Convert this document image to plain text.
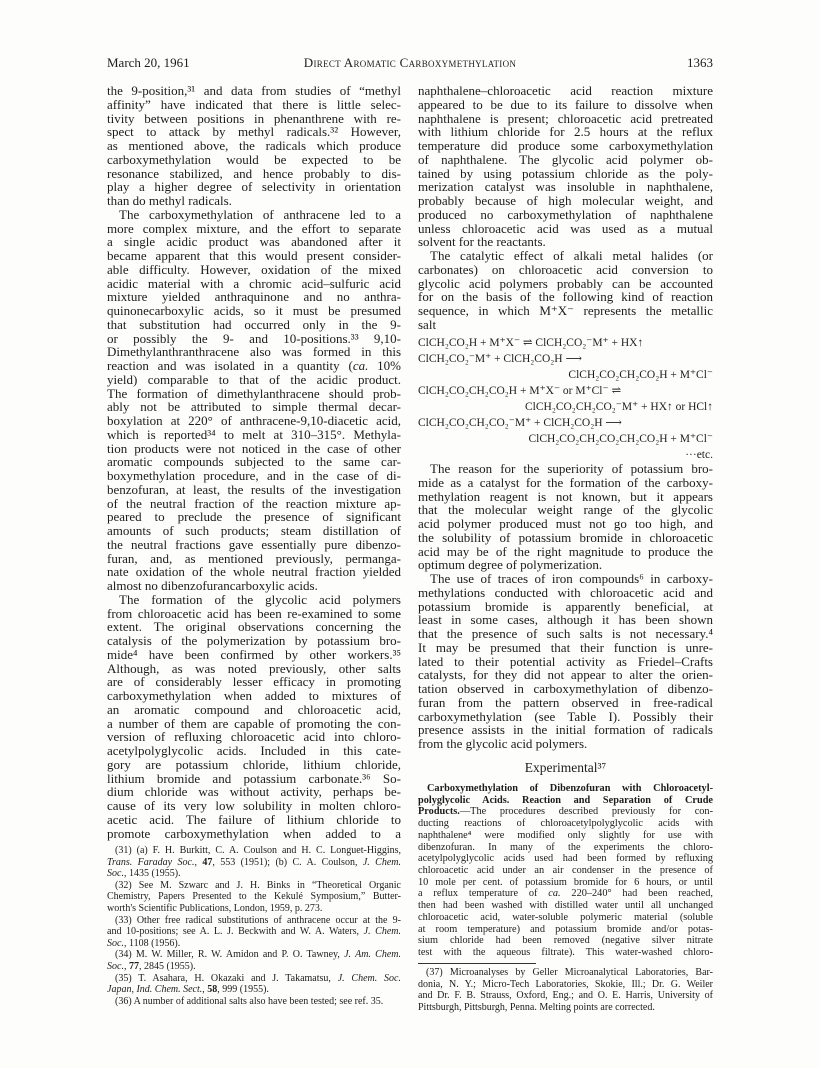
March 20, 1961	Direct Aromatic Carboxymethylation	1363
the 9-position,³¹ and data from studies of “methyl
affinity” have indicated that there is little selec-
tivity between positions in phenanthrene with re-
spect to attack by methyl radicals.³² However,
as mentioned above, the radicals which produce
carboxymethylation would be expected to be
resonance stabilized, and hence probably to dis-
play a higher degree of selectivity in orientation
than do methyl radicals.
The carboxymethylation of anthracene led to a
more complex mixture, and the effort to separate
a single acidic product was abandoned after it
became apparent that this would present consider-
able difficulty. However, oxidation of the mixed
acidic material with a chromic acid–sulfuric acid
mixture yielded anthraquinone and no anthra-
quinonecarboxylic acids, so it must be presumed
that substitution had occurred only in the 9-
or possibly the 9- and 10-positions.³³ 9,10-
Dimethylanthranthracene also was formed in this
reaction and was isolated in a quantity (ca. 10%
yield) comparable to that of the acidic product.
The formation of dimethylanthracene should prob-
ably not be attributed to simple thermal decar-
boxylation at 220° of anthracene-9,10-diacetic acid,
which is reported³⁴ to melt at 310–315°. Methyla-
tion products were not noticed in the case of other
aromatic compounds subjected to the same car-
boxymethylation procedure, and in the case of di-
benzofuran, at least, the results of the investigation
of the neutral fraction of the reaction mixture ap-
peared to preclude the presence of significant
amounts of such products; steam distillation of
the neutral fractions gave essentially pure dibenzo-
furan, and, as mentioned previously, permanga-
nate oxidation of the whole neutral fraction yielded
almost no dibenzofurancarboxylic acids.
The formation of the glycolic acid polymers
from chloroacetic acid has been re-examined to some
extent. The original observations concerning the
catalysis of the polymerization by potassium bro-
mide⁴ have been confirmed by other workers.³⁵
Although, as was noted previously, other salts
are of considerably lesser efficacy in promoting
carboxymethylation when added to mixtures of
an aromatic compound and chloroacetic acid,
a number of them are capable of promoting the con-
version of refluxing chloroacetic acid into chloro-
acetylpolyglycolic acids. Included in this cate-
gory are potassium chloride, lithium chloride,
lithium bromide and potassium carbonate.³⁶ So-
dium chloride was without activity, perhaps be-
cause of its very low solubility in molten chloro-
acetic acid. The failure of lithium chloride to
promote carboxymethylation when added to a
(31) (a) F. H. Burkitt, C. A. Coulson and H. C. Longuet-Higgins,
Trans. Faraday Soc., 47, 553 (1951); (b) C. A. Coulson, J. Chem.
Soc., 1435 (1955).
(32) See M. Szwarc and J. H. Binks in “Theoretical Organic
Chemistry, Papers Presented to the Kekulé Symposium,” Butter-
worth's Scientific Publications, London, 1959, p. 273.
(33) Other free radical substitutions of anthracene occur at the 9-
and 10-positions; see A. L. J. Beckwith and W. A. Waters, J. Chem.
Soc., 1108 (1956).
(34) M. W. Miller, R. W. Amidon and P. O. Tawney, J. Am. Chem.
Soc., 77, 2845 (1955).
(35) T. Asahara, H. Okazaki and J. Takamatsu, J. Chem. Soc.
Japan, Ind. Chem. Sect., 58, 999 (1955).
(36) A number of additional salts also have been tested; see ref. 35.
naphthalene–chloroacetic acid reaction mixture
appeared to be due to its failure to dissolve when
naphthalene is present; chloroacetic acid pretreated
with lithium chloride for 2.5 hours at the reflux
temperature did produce some carboxymethylation
of naphthalene. The glycolic acid polymer ob-
tained by using potassium chloride as the poly-
merization catalyst was insoluble in naphthalene,
probably because of high molecular weight, and
produced no carboxymethylation of naphthalene
unless chloroacetic acid was used as a mutual
solvent for the reactants.
The catalytic effect of alkali metal halides (or
carbonates) on chloroacetic acid conversion to
glycolic acid polymers probably can be accounted
for on the basis of the following kind of reaction
sequence, in which M⁺X⁻ represents the metallic
salt
ClCH₂CO₂H + M⁺X⁻ ⇌ ClCH₂CO₂⁻M⁺ + HX↑
ClCH₂CO₂⁻M⁺ + ClCH₂CO₂H ⟶
ClCH₂CO₂CH₂CO₂H + M⁺Cl⁻
ClCH₂CO₂CH₂CO₂H + M⁺X⁻ or M⁺Cl⁻ ⇌
ClCH₂CO₂CH₂CO₂⁻M⁺ + HX↑ or HCl↑
ClCH₂CO₂CH₂CO₂⁻M⁺ + ClCH₂CO₂H ⟶
ClCH₂CO₂CH₂CO₂CH₂CO₂H + M⁺Cl⁻
···etc.
The reason for the superiority of potassium bro-
mide as a catalyst for the formation of the carboxy-
methylation reagent is not known, but it appears
that the molecular weight range of the glycolic
acid polymer produced must not go too high, and
the solubility of potassium bromide in chloroacetic
acid may be of the right magnitude to produce the
optimum degree of polymerization.
The use of traces of iron compounds⁶ in carboxy-
methylations conducted with chloroacetic acid and
potassium bromide is apparently beneficial, at
least in some cases, although it has been shown
that the presence of such salts is not necessary.⁴
It may be presumed that their function is unre-
lated to their potential activity as Friedel–Crafts
catalysts, for they did not appear to alter the orien-
tation observed in carboxymethylation of dibenzo-
furan from the pattern observed in free-radical
carboxymethylation (see Table I). Possibly their
presence assists in the initial formation of radicals
from the glycolic acid polymers.
Experimental³⁷
Carboxymethylation of Dibenzofuran with Chloroacetyl-
polyglycolic Acids. Reaction and Separation of Crude
Products.—The procedures described previously for con-
ducting reactions of chloroacetylpolyglycolic acids with
naphthalene⁴ were modified only slightly for use with
dibenzofuran. In many of the experiments the chloro-
acetylpolyglycolic acids used had been formed by refluxing
chloroacetic acid under an air condenser in the presence of
10 mole per cent. of potassium bromide for 6 hours, or until
a reflux temperature of ca. 220–240° had been reached,
then had been washed with distilled water until all unchanged
chloroacetic acid, water-soluble polymeric material (soluble
at room temperature) and potassium bromide and/or potas-
sium chloride had been removed (negative silver nitrate
test with the aqueous filtrate). This water-washed chloro-
(37) Microanalyses by Geller Microanalytical Laboratories, Bar-
donia, N. Y.; Micro-Tech Laboratories, Skokie, Ill.; Dr. G. Weiler
and Dr. F. B. Strauss, Oxford, Eng.; and O. E. Harris, University of
Pittsburgh, Pittsburgh, Penna. Melting points are corrected.
